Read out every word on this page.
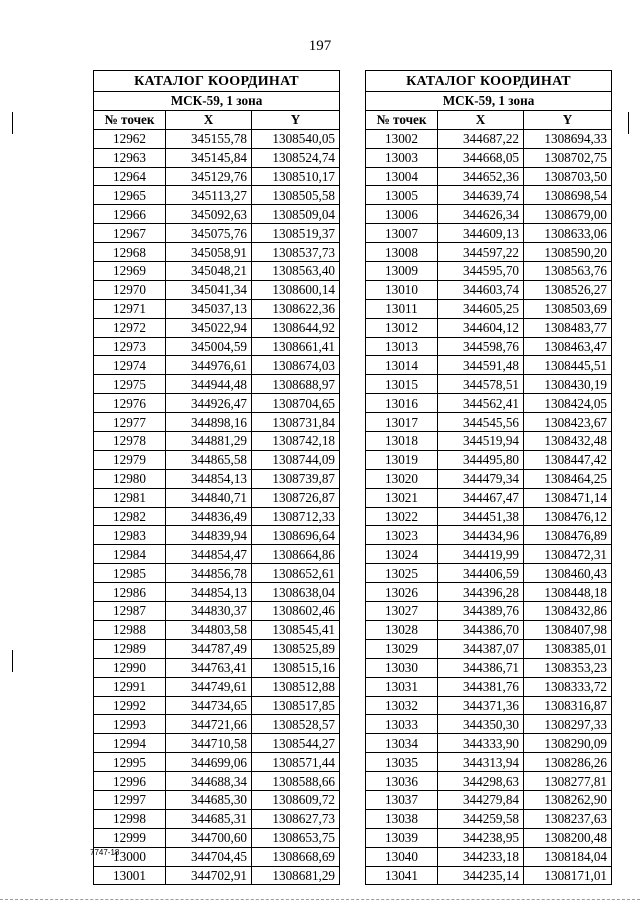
197
КАТАЛОГ КООРДИНАТ		
МСК-59, 1 зона		
№ точек	X	Y
12962	345155,78	1308540,05
12963	345145,84	1308524,74
12964	345129,76	1308510,17
12965	345113,27	1308505,58
12966	345092,63	1308509,04
12967	345075,76	1308519,37
12968	345058,91	1308537,73
12969	345048,21	1308563,40
12970	345041,34	1308600,14
12971	345037,13	1308622,36
12972	345022,94	1308644,92
12973	345004,59	1308661,41
12974	344976,61	1308674,03
12975	344944,48	1308688,97
12976	344926,47	1308704,65
12977	344898,16	1308731,84
12978	344881,29	1308742,18
12979	344865,58	1308744,09
12980	344854,13	1308739,87
12981	344840,71	1308726,87
12982	344836,49	1308712,33
12983	344839,94	1308696,64
12984	344854,47	1308664,86
12985	344856,78	1308652,61
12986	344854,13	1308638,04
12987	344830,37	1308602,46
12988	344803,58	1308545,41
12989	344787,49	1308525,89
12990	344763,41	1308515,16
12991	344749,61	1308512,88
12992	344734,65	1308517,85
12993	344721,66	1308528,57
12994	344710,58	1308544,27
12995	344699,06	1308571,44
12996	344688,34	1308588,66
12997	344685,30	1308609,72
12998	344685,31	1308627,73
12999	344700,60	1308653,75
13000	344704,45	1308668,69
13001	344702,91	1308681,29
КАТАЛОГ КООРДИНАТ		
МСК-59, 1 зона		
№ точек	X	Y
13002	344687,22	1308694,33
13003	344668,05	1308702,75
13004	344652,36	1308703,50
13005	344639,74	1308698,54
13006	344626,34	1308679,00
13007	344609,13	1308633,06
13008	344597,22	1308590,20
13009	344595,70	1308563,76
13010	344603,74	1308526,27
13011	344605,25	1308503,69
13012	344604,12	1308483,77
13013	344598,76	1308463,47
13014	344591,48	1308445,51
13015	344578,51	1308430,19
13016	344562,41	1308424,05
13017	344545,56	1308423,67
13018	344519,94	1308432,48
13019	344495,80	1308447,42
13020	344479,34	1308464,25
13021	344467,47	1308471,14
13022	344451,38	1308476,12
13023	344434,96	1308476,89
13024	344419,99	1308472,31
13025	344406,59	1308460,43
13026	344396,28	1308448,18
13027	344389,76	1308432,86
13028	344386,70	1308407,98
13029	344387,07	1308385,01
13030	344386,71	1308353,23
13031	344381,76	1308333,72
13032	344371,36	1308316,87
13033	344350,30	1308297,33
13034	344333,90	1308290,09
13035	344313,94	1308286,26
13036	344298,63	1308277,81
13037	344279,84	1308262,90
13038	344259,58	1308237,63
13039	344238,95	1308200,48
13040	344233,18	1308184,04
13041	344235,14	1308171,01
7747-18
